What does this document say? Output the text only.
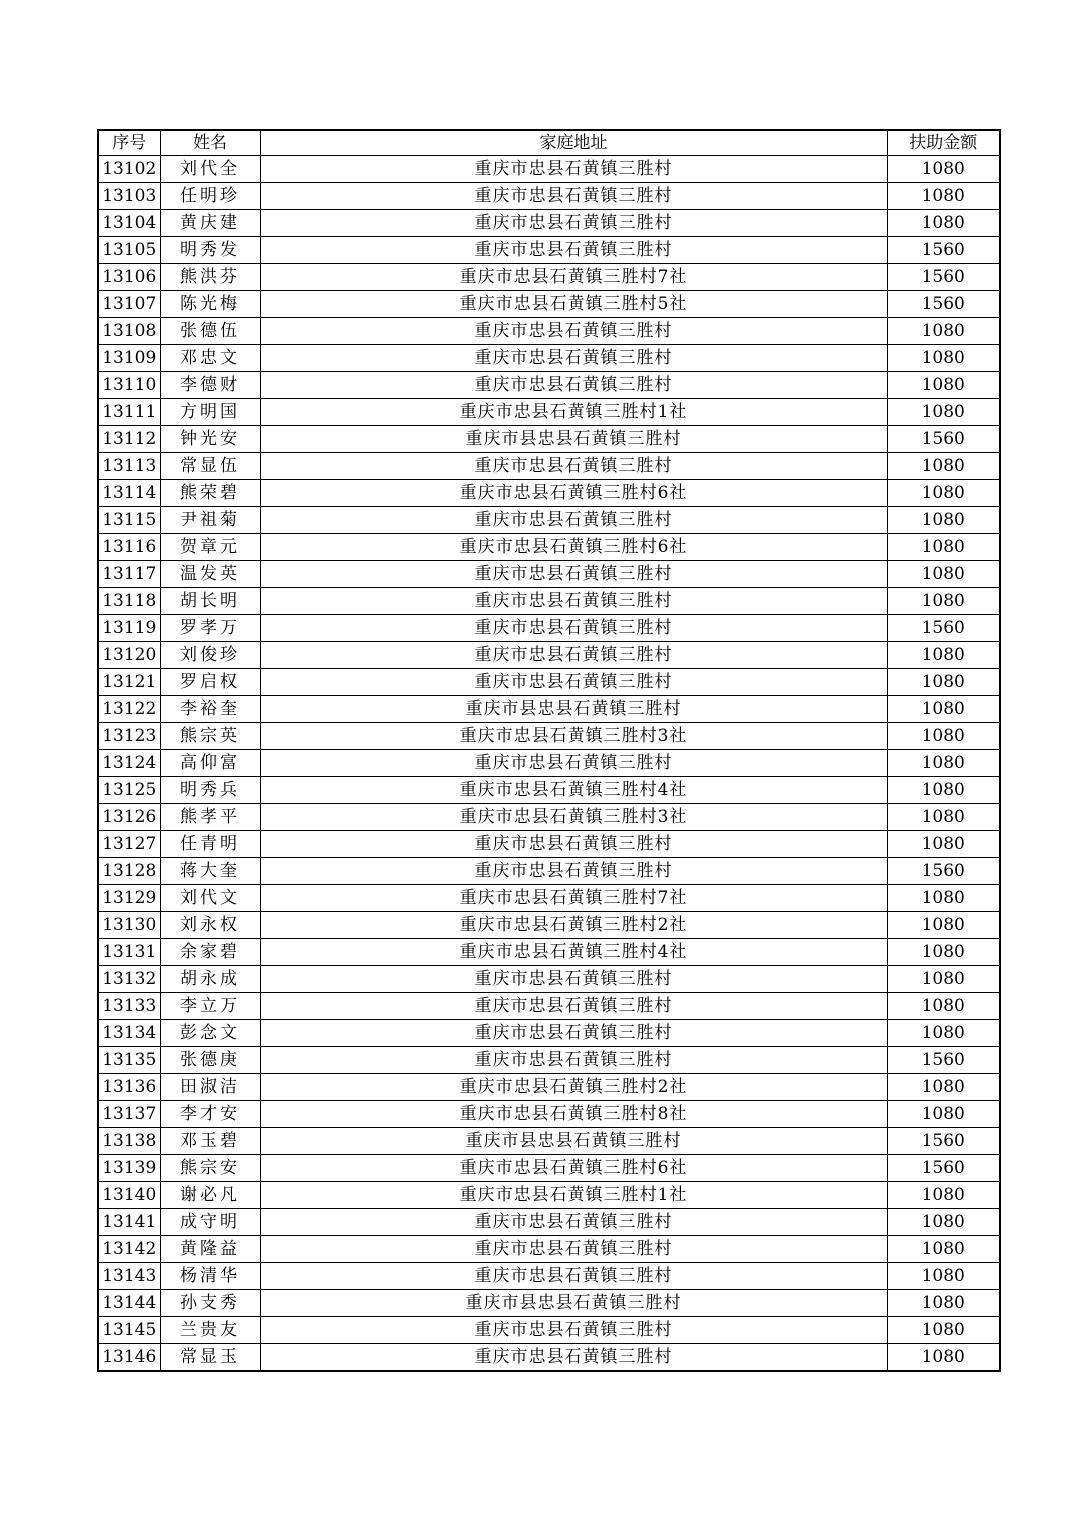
序号	姓名	家庭地址	扶助金额
13102	刘代全	重庆市忠县石黄镇三胜村	1080
13103	任明珍	重庆市忠县石黄镇三胜村	1080
13104	黄庆建	重庆市忠县石黄镇三胜村	1080
13105	明秀发	重庆市忠县石黄镇三胜村	1560
13106	熊洪芬	重庆市忠县石黄镇三胜村7社	1560
13107	陈光梅	重庆市忠县石黄镇三胜村5社	1560
13108	张德伍	重庆市忠县石黄镇三胜村	1080
13109	邓忠文	重庆市忠县石黄镇三胜村	1080
13110	李德财	重庆市忠县石黄镇三胜村	1080
13111	方明国	重庆市忠县石黄镇三胜村1社	1080
13112	钟光安	重庆市县忠县石黄镇三胜村	1560
13113	常显伍	重庆市忠县石黄镇三胜村	1080
13114	熊荣碧	重庆市忠县石黄镇三胜村6社	1080
13115	尹祖菊	重庆市忠县石黄镇三胜村	1080
13116	贺章元	重庆市忠县石黄镇三胜村6社	1080
13117	温发英	重庆市忠县石黄镇三胜村	1080
13118	胡长明	重庆市忠县石黄镇三胜村	1080
13119	罗孝万	重庆市忠县石黄镇三胜村	1560
13120	刘俊珍	重庆市忠县石黄镇三胜村	1080
13121	罗启权	重庆市忠县石黄镇三胜村	1080
13122	李裕奎	重庆市县忠县石黄镇三胜村	1080
13123	熊宗英	重庆市忠县石黄镇三胜村3社	1080
13124	高仰富	重庆市忠县石黄镇三胜村	1080
13125	明秀兵	重庆市忠县石黄镇三胜村4社	1080
13126	熊孝平	重庆市忠县石黄镇三胜村3社	1080
13127	任青明	重庆市忠县石黄镇三胜村	1080
13128	蒋大奎	重庆市忠县石黄镇三胜村	1560
13129	刘代文	重庆市忠县石黄镇三胜村7社	1080
13130	刘永权	重庆市忠县石黄镇三胜村2社	1080
13131	余家碧	重庆市忠县石黄镇三胜村4社	1080
13132	胡永成	重庆市忠县石黄镇三胜村	1080
13133	李立万	重庆市忠县石黄镇三胜村	1080
13134	彭念文	重庆市忠县石黄镇三胜村	1080
13135	张德庚	重庆市忠县石黄镇三胜村	1560
13136	田淑洁	重庆市忠县石黄镇三胜村2社	1080
13137	李才安	重庆市忠县石黄镇三胜村8社	1080
13138	邓玉碧	重庆市县忠县石黄镇三胜村	1560
13139	熊宗安	重庆市忠县石黄镇三胜村6社	1560
13140	谢必凡	重庆市忠县石黄镇三胜村1社	1080
13141	成守明	重庆市忠县石黄镇三胜村	1080
13142	黄隆益	重庆市忠县石黄镇三胜村	1080
13143	杨清华	重庆市忠县石黄镇三胜村	1080
13144	孙支秀	重庆市县忠县石黄镇三胜村	1080
13145	兰贵友	重庆市忠县石黄镇三胜村	1080
13146	常显玉	重庆市忠县石黄镇三胜村	1080
